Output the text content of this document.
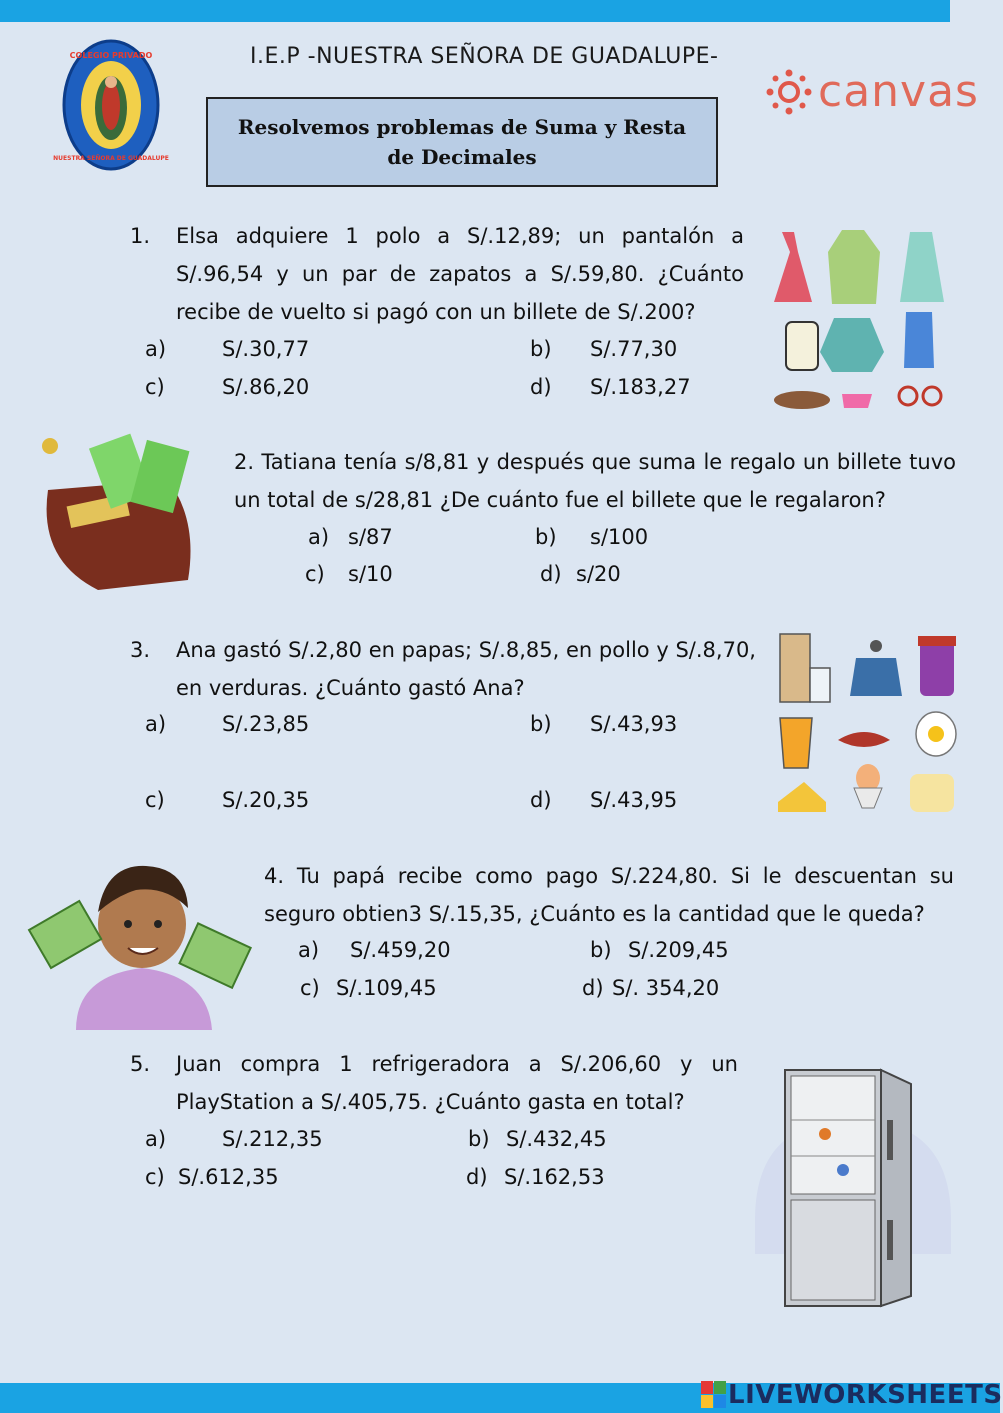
COLEGIO PRIVADO
NUESTRA SEÑORA DE GUADALUPE
I.E.P -NUESTRA SEÑORA DE GUADALUPE-
Resolvemos problemas de Suma y Resta de Decimales
canvas
1. Elsa adquiere 1 polo a S/.12,89; un pantalón a S/.96,54 y un par de zapatos a S/.59,80. ¿Cuánto recibe de vuelto si pagó con un billete de S/.200?
a)	S/.30,77	b) S/.77,30
c)	S/.86,20	d) S/.183,27
2. Tatiana tenía s/8,81 y después que suma le regalo un billete tuvo un total de s/28,81 ¿De cuánto fue el billete que le regalaron?
a) s/87	b) s/100
c) s/10	d) s/20
3. Ana gastó S/.2,80 en papas; S/.8,85, en pollo y S/.8,70, en verduras. ¿Cuánto gastó Ana?
a)	S/.23,85	b) S/.43,93
c)	S/.20,35	d) S/.43,95
4. Tu papá recibe como pago S/.224,80. Si le descuentan su seguro obtien3 S/.15,35, ¿Cuánto es la cantidad que le queda?
a) S/.459,20	b) S/.209,45
c) S/.109,45	d) S/. 354,20
5. Juan compra 1 refrigeradora a S/.206,60 y un PlayStation a S/.405,75. ¿Cuánto gasta en total?
a)	S/.212,35	b) S/.432,45
c) S/.612,35	d) S/.162,53
LIVEWORKSHEETS
